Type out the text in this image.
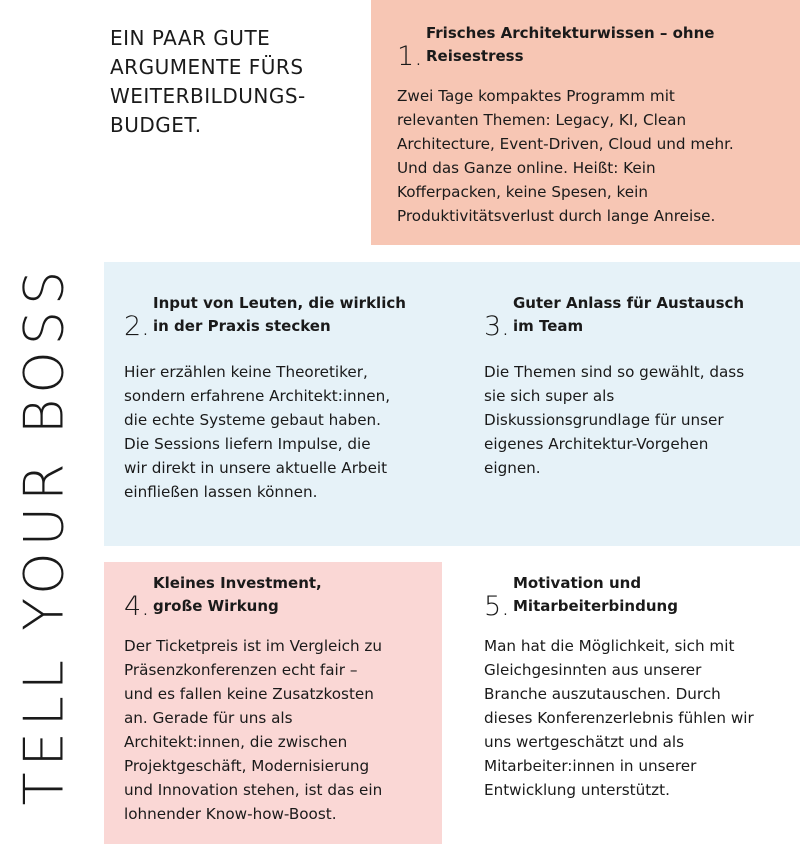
TELL YOUR BOSS
EIN PAAR GUTE
ARGUMENTE FÜRS
WEITERBILDUNGS-
BUDGET.
1.
Frisches Architekturwissen – ohne
Reisestress
Zwei Tage kompaktes Programm mit
relevanten Themen: Legacy, KI, Clean
Architecture, Event-Driven, Cloud und mehr.
Und das Ganze online. Heißt: Kein
Kofferpacken, keine Spesen, kein
Produktivitätsverlust durch lange Anreise.
2.
Input von Leuten, die wirklich
in der Praxis stecken
Hier erzählen keine Theoretiker,
sondern erfahrene Architekt:innen,
die echte Systeme gebaut haben.
Die Sessions liefern Impulse, die
wir direkt in unsere aktuelle Arbeit
einfließen lassen können.
3.
Guter Anlass für Austausch
im Team
Die Themen sind so gewählt, dass
sie sich super als
Diskussionsgrundlage für unser
eigenes Architektur-Vorgehen
eignen.
4.
Kleines Investment,
große Wirkung
Der Ticketpreis ist im Vergleich zu
Präsenzkonferenzen echt fair –
und es fallen keine Zusatzkosten
an. Gerade für uns als
Architekt:innen, die zwischen
Projektgeschäft, Modernisierung
und Innovation stehen, ist das ein
lohnender Know-how-Boost.
5.
Motivation und
Mitarbeiterbindung
Man hat die Möglichkeit, sich mit
Gleichgesinnten aus unserer
Branche auszutauschen. Durch
dieses Konferenzerlebnis fühlen wir
uns wertgeschätzt und als
Mitarbeiter:innen in unserer
Entwicklung unterstützt.
